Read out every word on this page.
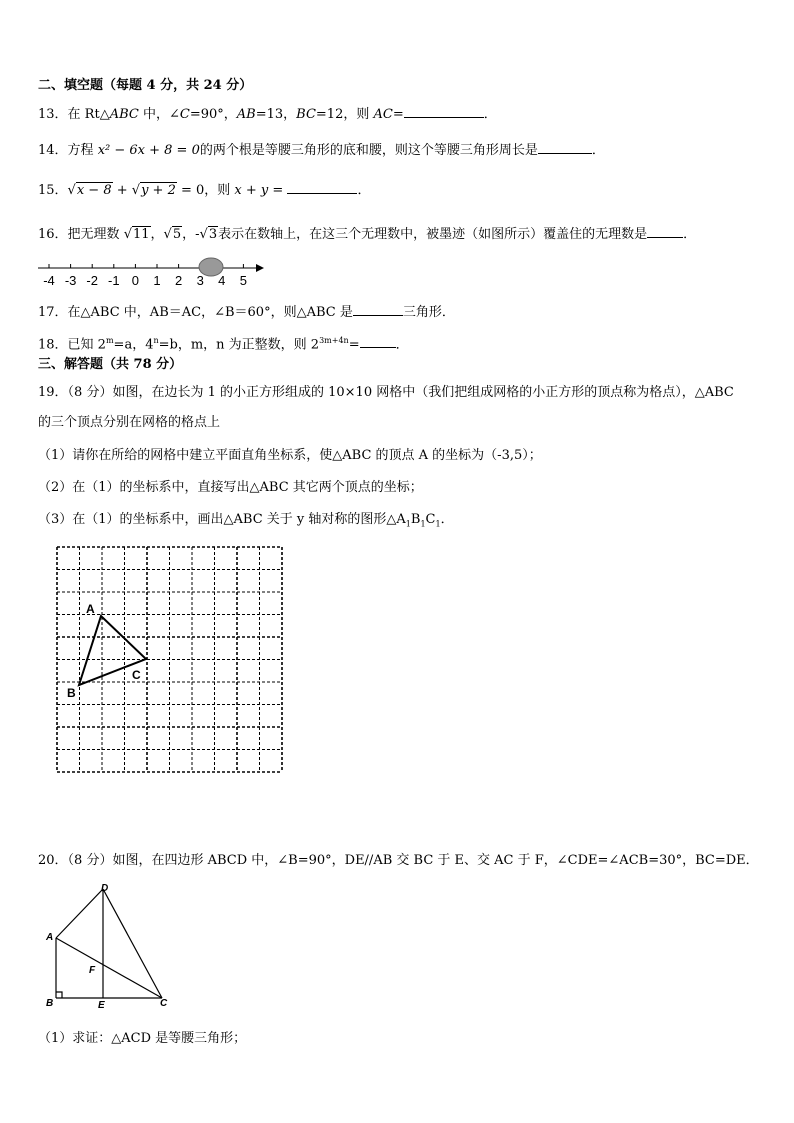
二、填空题（每题 4 分，共 24 分）
13．在 Rt△ABC 中，∠C=90°，AB=13，BC=12，则 AC=	．
14．方程 x² − 6x + 8 = 0的两个根是等腰三角形的底和腰，则这个等腰三角形周长是	．
15．√x − 8 + √y + 2 = 0，则 x + y =	．
16．把无理数 √11，√5，-√3表示在数轴上，在这三个无理数中，被墨迹（如图所示）覆盖住的无理数是	．
-4 -3 -2 -1 0 1 2 3 4 5
17．在△ABC 中，AB＝AC，∠B＝60°，则△ABC 是	三角形．
18．已知 $2^m=a$，$4^n=b$，m，n 为正整数，则 $2^{3m+4n}=$	．
三、解答题（共 78 分）
19．（8 分）如图，在边长为 1 的小正方形组成的 10×10 网格中（我们把组成网格的小正方形的顶点称为格点），△ABC
的三个顶点分别在网格的格点上
（1）请你在所给的网格中建立平面直角坐标系，使△ABC 的顶点 A 的坐标为（-3,5）；
（2）在（1）的坐标系中，直接写出△ABC 其它两个顶点的坐标；
（3）在（1）的坐标系中，画出△ABC 关于 y 轴对称的图形$\triangle A_1B_1C_1$．
A
B
C
20．（8 分）如图，在四边形 ABCD 中，∠B=90°，DE//AB 交 BC 于 E、交 AC 于 F，∠CDE=∠ACB=30°，BC=DE．
A
B	C
D
E
F
（1）求证：△ACD 是等腰三角形；
